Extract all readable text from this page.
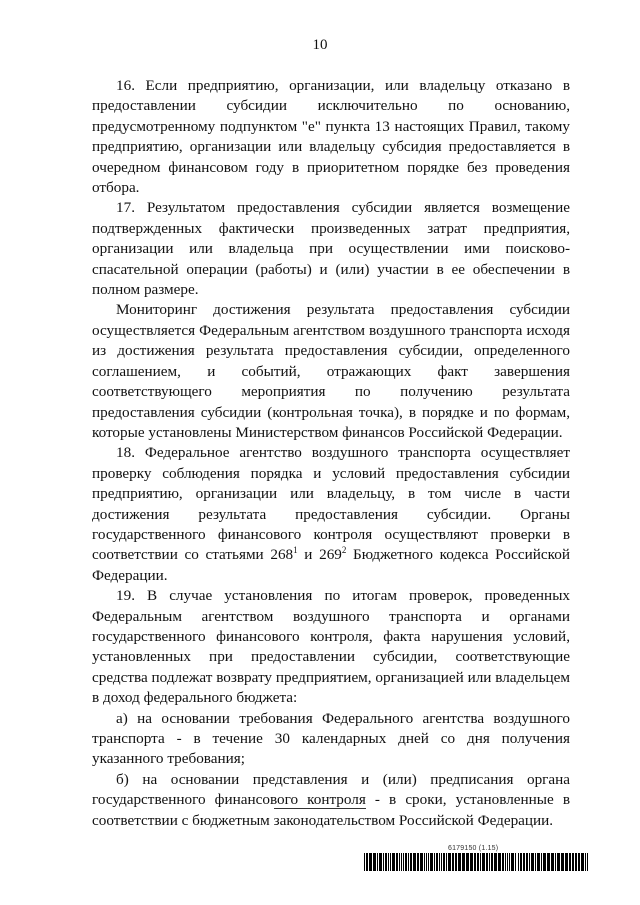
10

16. Если предприятию, организации, или владельцу отказано в предоставлении субсидии исключительно по основанию, предусмотренному подпунктом "е" пункта 13 настоящих Правил, такому предприятию, организации или владельцу субсидия предоставляется в очередном финансовом году в приоритетном порядке без проведения отбора.

17. Результатом предоставления субсидии является возмещение подтвержденных фактически произведенных затрат предприятия, организации или владельца при осуществлении ими поисково-спасательной операции (работы) и (или) участии в ее обеспечении в полном размере.

Мониторинг достижения результата предоставления субсидии осуществляется Федеральным агентством воздушного транспорта исходя из достижения результата предоставления субсидии, определенного соглашением, и событий, отражающих факт завершения соответствующего мероприятия по получению результата предоставления субсидии (контрольная точка), в порядке и по формам, которые установлены Министерством финансов Российской Федерации.

18. Федеральное агентство воздушного транспорта осуществляет проверку соблюдения порядка и условий предоставления субсидии предприятию, организации или владельцу, в том числе в части достижения результата предоставления субсидии. Органы государственного финансового контроля осуществляют проверки в соответствии со статьями $268^1$ и $269^2$ Бюджетного кодекса Российской Федерации.

19. В случае установления по итогам проверок, проведенных Федеральным агентством воздушного транспорта и органами государственного финансового контроля, факта нарушения условий, установленных при предоставлении субсидии, соответствующие средства подлежат возврату предприятием, организацией или владельцем в доход федерального бюджета:

а) на основании требования Федерального агентства воздушного транспорта - в течение 30 календарных дней со дня получения указанного требования;

б) на основании представления и (или) предписания органа государственного финансового контроля - в сроки, установленные в соответствии с бюджетным законодательством Российской Федерации.

6179150 (1.15)
